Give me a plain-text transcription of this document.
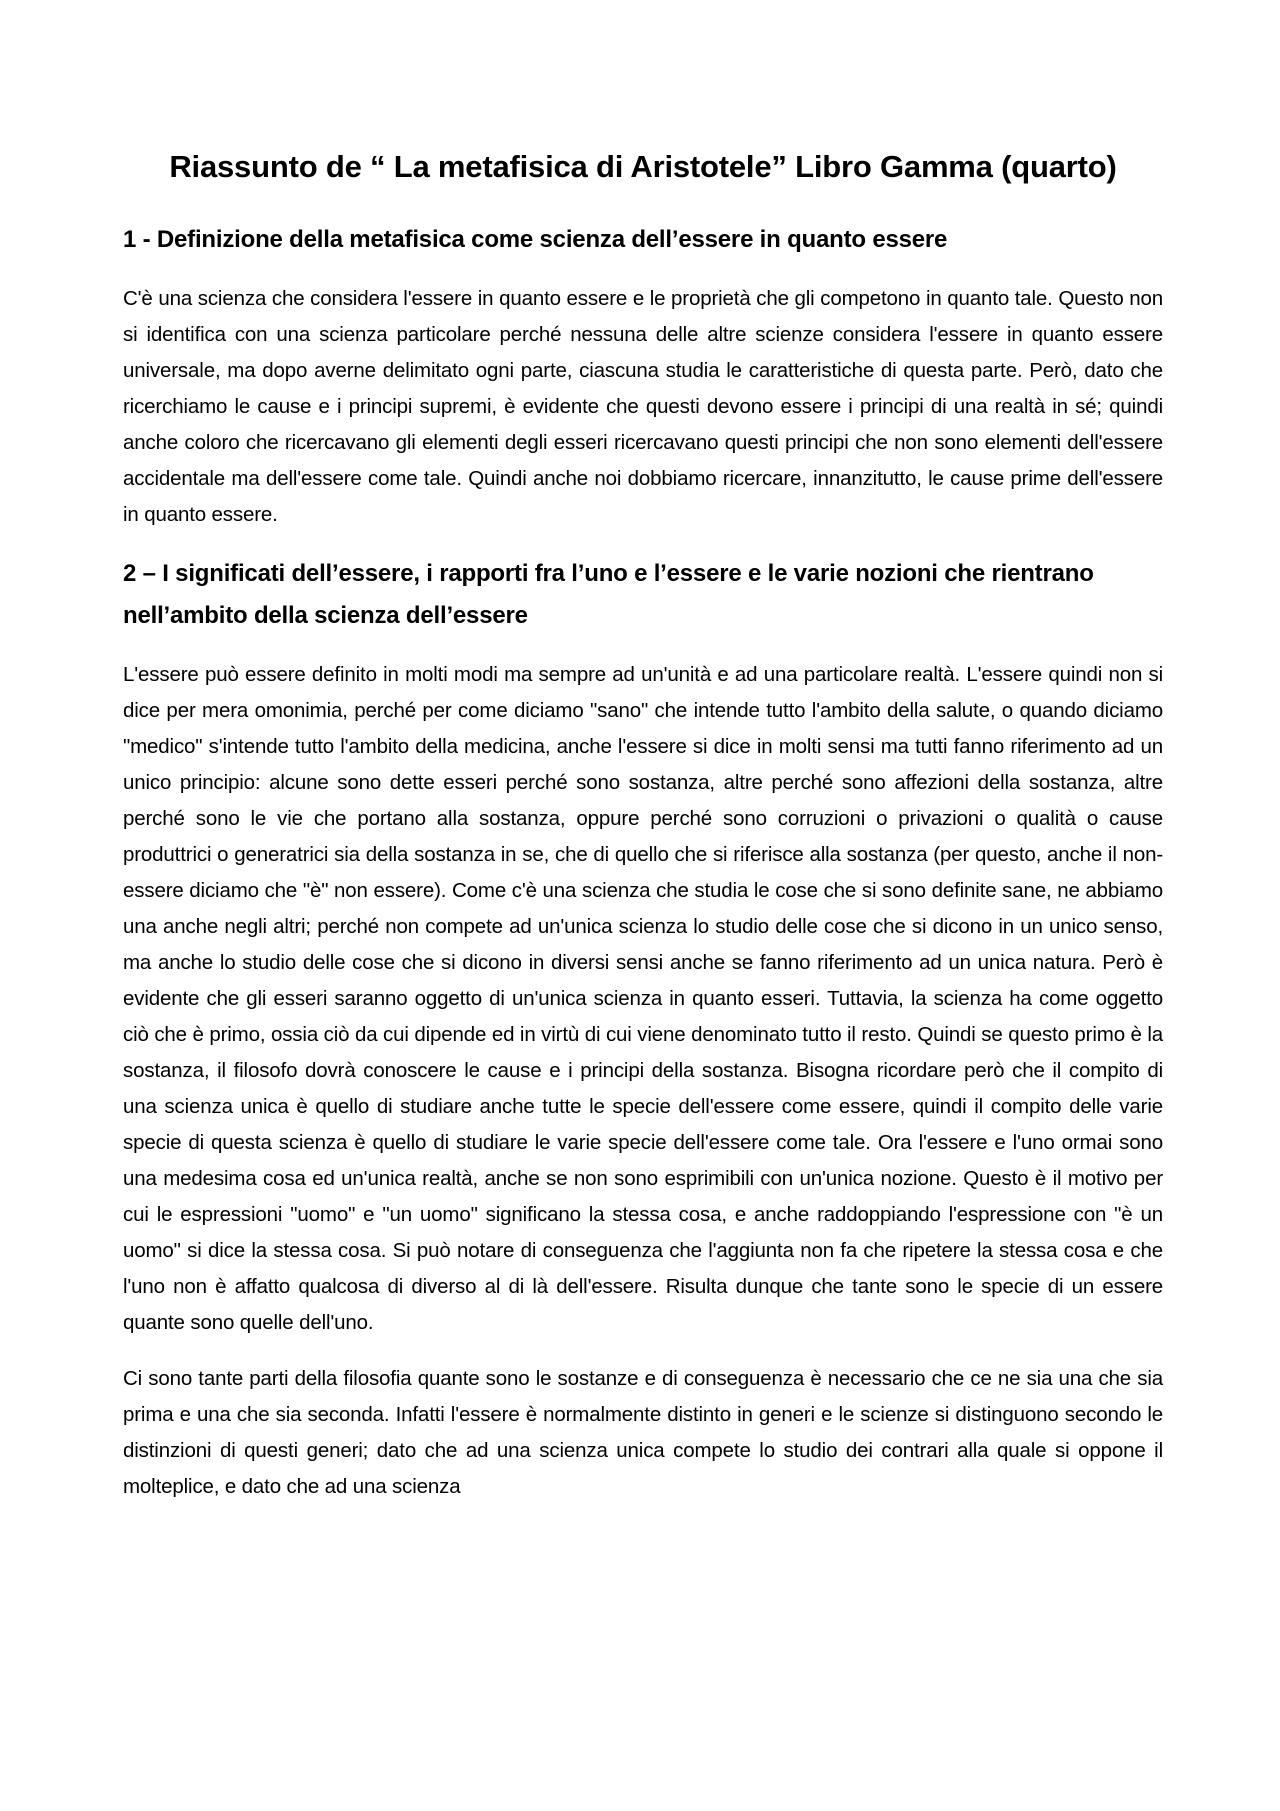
Riassunto de “ La metafisica di Aristotele” Libro Gamma (quarto)
1 - Definizione della metafisica come scienza dell’essere in quanto essere

C'è una scienza che considera l'essere in quanto essere e le proprietà che gli competono in quanto tale. Questo non si identifica con una scienza particolare perché nessuna delle altre scienze considera l'essere in quanto essere universale, ma dopo averne delimitato ogni parte, ciascuna studia le caratteristiche di questa parte. Però, dato che ricerchiamo le cause e i principi supremi, è evidente che questi devono essere i principi di una realtà in sé; quindi anche coloro che ricercavano gli elementi degli esseri ricercavano questi principi che non sono elementi dell'essere accidentale ma dell'essere come tale. Quindi anche noi dobbiamo ricercare, innanzitutto, le cause prime dell'essere in quanto essere.

2 – I significati dell’essere, i rapporti fra l’uno e l’essere e le varie nozioni che rientrano nell’ambito della scienza dell’essere

L'essere può essere definito in molti modi ma sempre ad un'unità e ad una particolare realtà. L'essere quindi non si dice per mera omonimia, perché per come diciamo "sano" che intende tutto l'ambito della salute, o quando diciamo "medico" s'intende tutto l'ambito della medicina, anche l'essere si dice in molti sensi ma tutti fanno riferimento ad un unico principio: alcune sono dette esseri perché sono sostanza, altre perché sono affezioni della sostanza, altre perché sono le vie che portano alla sostanza, oppure perché sono corruzioni o privazioni o qualità o cause produttrici o generatrici sia della sostanza in se, che di quello che si riferisce alla sostanza (per questo, anche il non-essere diciamo che "è" non essere). Come c'è una scienza che studia le cose che si sono definite sane, ne abbiamo una anche negli altri; perché non compete ad un'unica scienza lo studio delle cose che si dicono in un unico senso, ma anche lo studio delle cose che si dicono in diversi sensi anche se fanno riferimento ad un unica natura. Però è evidente che gli esseri saranno oggetto di un'unica scienza in quanto esseri. Tuttavia, la scienza ha come oggetto ciò che è primo, ossia ciò da cui dipende ed in virtù di cui viene denominato tutto il resto. Quindi se questo primo è la sostanza, il filosofo dovrà conoscere le cause e i principi della sostanza. Bisogna ricordare però che il compito di una scienza unica è quello di studiare anche tutte le specie dell'essere come essere, quindi il compito delle varie specie di questa scienza è quello di studiare le varie specie dell'essere come tale. Ora l'essere e l'uno ormai sono una medesima cosa ed un'unica realtà, anche se non sono esprimibili con un'unica nozione. Questo è il motivo per cui le espressioni "uomo" e "un uomo" significano la stessa cosa, e anche raddoppiando l'espressione con "è un uomo" si dice la stessa cosa. Si può notare di conseguenza che l'aggiunta non fa che ripetere la stessa cosa e che l'uno non è affatto qualcosa di diverso al di là dell'essere. Risulta dunque che tante sono le specie di un essere quante sono quelle dell'uno.

Ci sono tante parti della filosofia quante sono le sostanze e di conseguenza è necessario che ce ne sia una che sia prima e una che sia seconda. Infatti l'essere è normalmente distinto in generi e le scienze si distinguono secondo le distinzioni di questi generi; dato che ad una scienza unica compete lo studio dei contrari alla quale si oppone il molteplice, e dato che ad una scienza
